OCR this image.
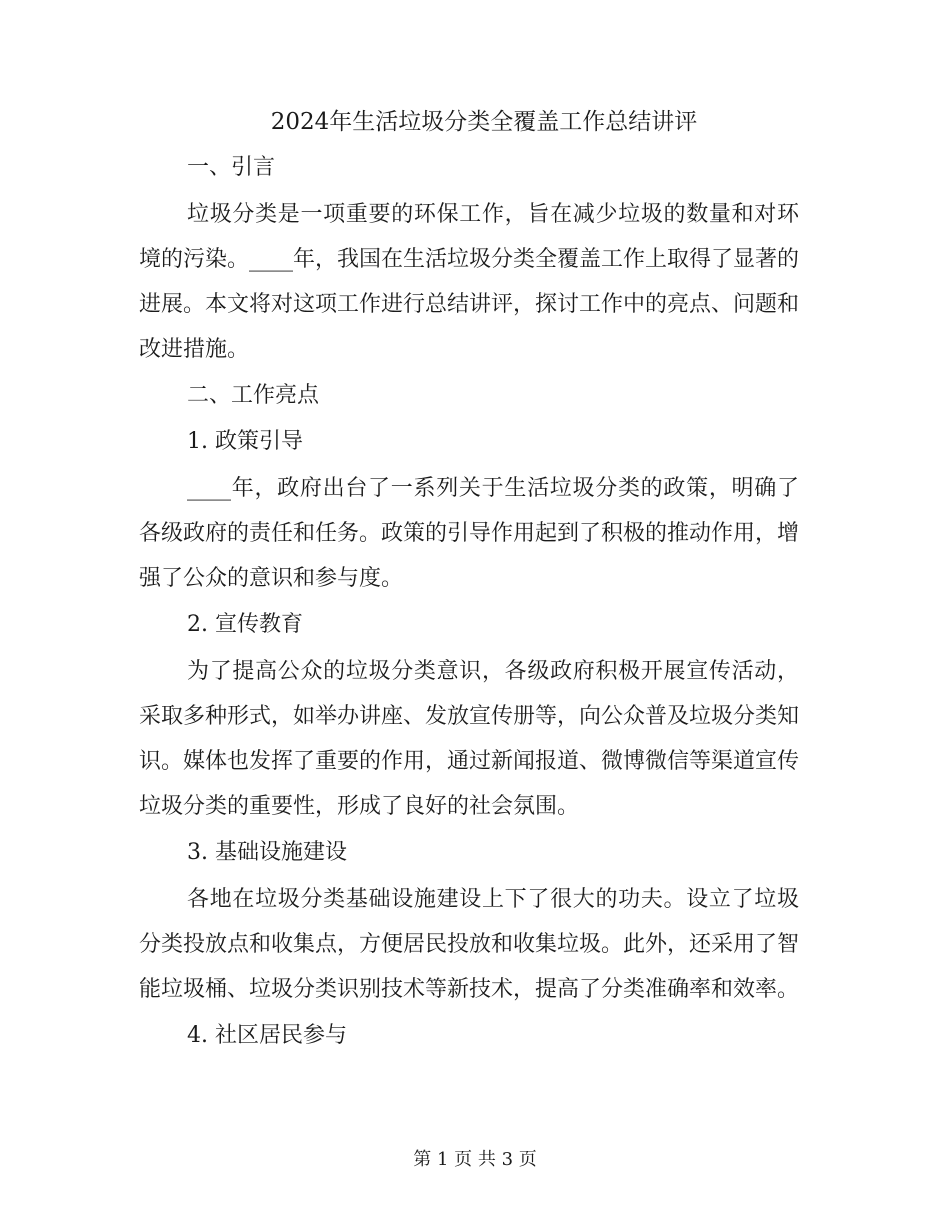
2024年生活垃圾分类全覆盖工作总结讲评
一、引言
垃圾分类是一项重要的环保工作，旨在减少垃圾的数量和对环境的污染。____年，我国在生活垃圾分类全覆盖工作上取得了显著的进展。本文将对这项工作进行总结讲评，探讨工作中的亮点、问题和改进措施。
二、工作亮点
1. 政策引导
____年，政府出台了一系列关于生活垃圾分类的政策，明确了各级政府的责任和任务。政策的引导作用起到了积极的推动作用，增强了公众的意识和参与度。
2. 宣传教育
为了提高公众的垃圾分类意识，各级政府积极开展宣传活动，采取多种形式，如举办讲座、发放宣传册等，向公众普及垃圾分类知识。媒体也发挥了重要的作用，通过新闻报道、微博微信等渠道宣传垃圾分类的重要性，形成了良好的社会氛围。
3. 基础设施建设
各地在垃圾分类基础设施建设上下了很大的功夫。设立了垃圾分类投放点和收集点，方便居民投放和收集垃圾。此外，还采用了智能垃圾桶、垃圾分类识别技术等新技术，提高了分类准确率和效率。
4. 社区居民参与
第 1 页 共 3 页
